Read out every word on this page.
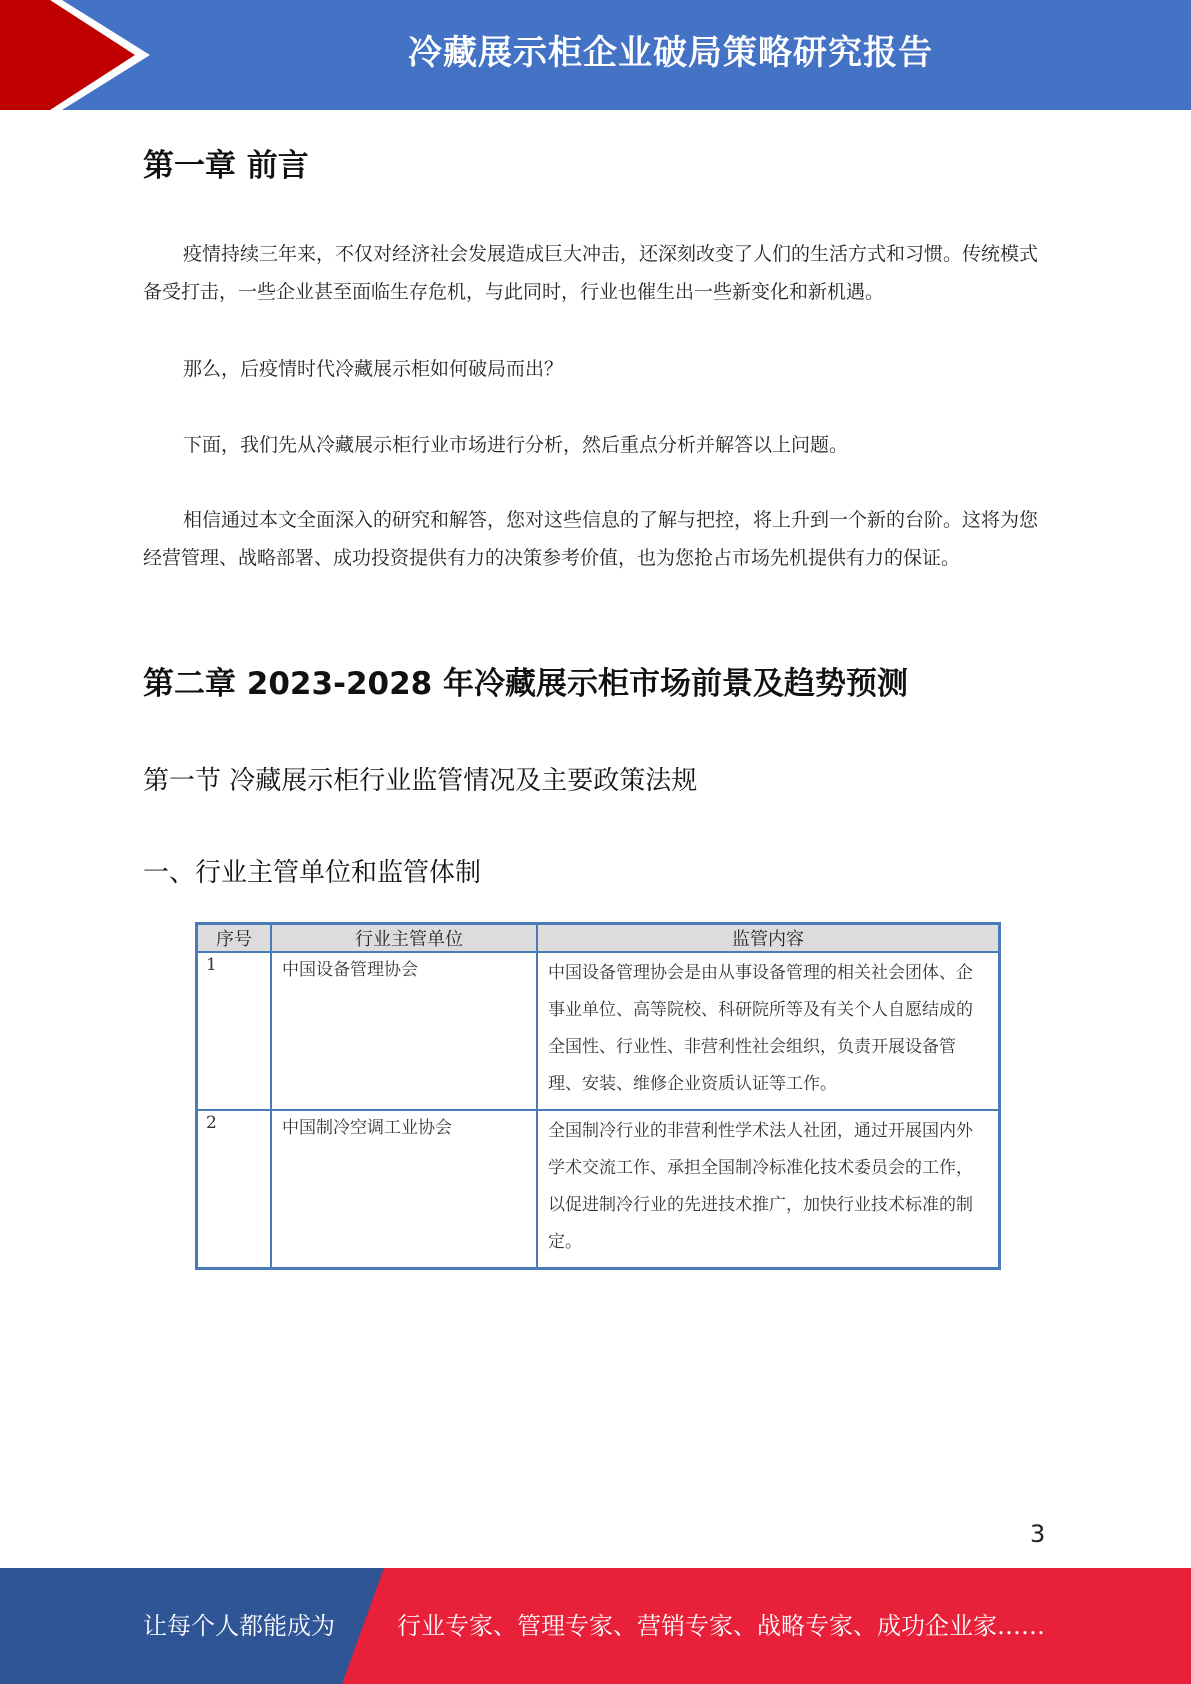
冷藏展示柜企业破局策略研究报告
第一章 前言

疫情持续三年来，不仅对经济社会发展造成巨大冲击，还深刻改变了人们的生活方式和习惯。传统模式备受打击，一些企业甚至面临生存危机，与此同时，行业也催生出一些新变化和新机遇。

那么，后疫情时代冷藏展示柜如何破局而出？

下面，我们先从冷藏展示柜行业市场进行分析，然后重点分析并解答以上问题。

相信通过本文全面深入的研究和解答，您对这些信息的了解与把控，将上升到一个新的台阶。这将为您经营管理、战略部署、成功投资提供有力的决策参考价值，也为您抢占市场先机提供有力的保证。

第二章 2023-2028 年冷藏展示柜市场前景及趋势预测
第一节 冷藏展示柜行业监管情况及主要政策法规
一、行业主管单位和监管体制
序号	行业主管单位	监管内容
1	中国设备管理协会	中国设备管理协会是由从事设备管理的相关社会团体、企事业单位、高等院校、科研院所等及有关个人自愿结成的全国性、行业性、非营利性社会组织，负责开展设备管理、安装、维修企业资质认证等工作。
2	中国制冷空调工业协会	全国制冷行业的非营利性学术法人社团，通过开展国内外学术交流工作、承担全国制冷标准化技术委员会的工作，以促进制冷行业的先进技术推广，加快行业技术标准的制定。
3
让每个人都能成为	行业专家、管理专家、营销专家、战略专家、成功企业家……
